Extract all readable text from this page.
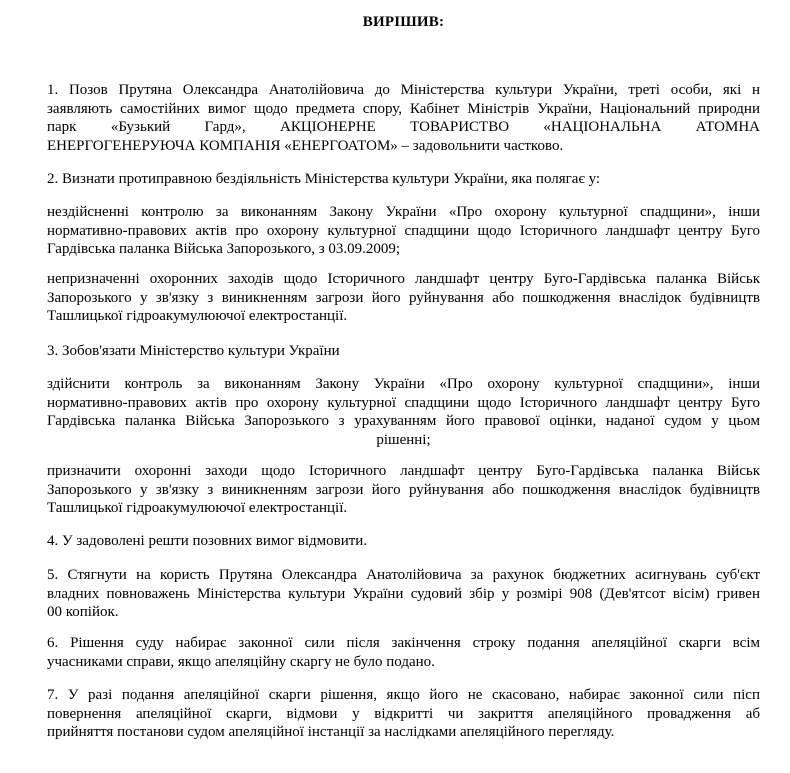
ВИРІШИВ:
1. Позов Прутяна Олександра Анатолійовича до Міністерства культури України, треті особи, які н
заявляють самостійних вимог щодо предмета спору, Кабінет Міністрів України, Національний природни
парк «Бузький Гард», АКЦІОНЕРНЕ ТОВАРИСТВО «НАЦІОНАЛЬНА АТОМНА
ЕНЕРГОГЕНЕРУЮЧА КОМПАНІЯ «ЕНЕРГОАТОМ» – задовольнити частково.
2. Визнати протиправною бездіяльність Міністерства культури України, яка полягає у:
нездійсненні контролю за виконанням Закону України «Про охорону культурної спадщини», інши
нормативно-правових актів про охорону культурної спадщини щодо Історичного ландшафт центру Буго
Гардівська паланка Війська Запорозького, з 03.09.2009;
непризначенні охоронних заходів щодо Історичного ландшафт центру Буго-Гардівська паланка Військ
Запорозького у зв'язку з виникненням загрози його руйнування або пошкодження внаслідок будівництв
Ташлицької гідроакумулюючої електростанції.
3. Зобов'язати Міністерство культури України
здійснити контроль за виконанням Закону України «Про охорону культурної спадщини», інши
нормативно-правових актів про охорону культурної спадщини щодо Історичного ландшафт центру Буго
Гардівська паланка Війська Запорозького з урахуванням його правової оцінки, наданої судом у цьом
рішенні;
призначити охоронні заходи щодо Історичного ландшафт центру Буго-Гардівська паланка Військ
Запорозького у зв'язку з виникненням загрози його руйнування або пошкодження внаслідок будівництв
Ташлицької гідроакумулюючої електростанції.
4. У задоволені решти позовних вимог відмовити.
5. Стягнути на користь Прутяна Олександра Анатолійовича за рахунок бюджетних асигнувань суб'єкт
владних повноважень Міністерства культури України судовий збір у розмірі 908 (Дев'ятсот вісім) гривен
00 копійок.
6. Рішення суду набирає законної сили після закінчення строку подання апеляційної скарги всім
учасниками справи, якщо апеляційну скаргу не було подано.
7. У разі подання апеляційної скарги рішення, якщо його не скасовано, набирає законної сили пісп
повернення апеляційної скарги, відмови у відкритті чи закриття апеляційного провадження аб
прийняття постанови судом апеляційної інстанції за наслідками апеляційного перегляду.
